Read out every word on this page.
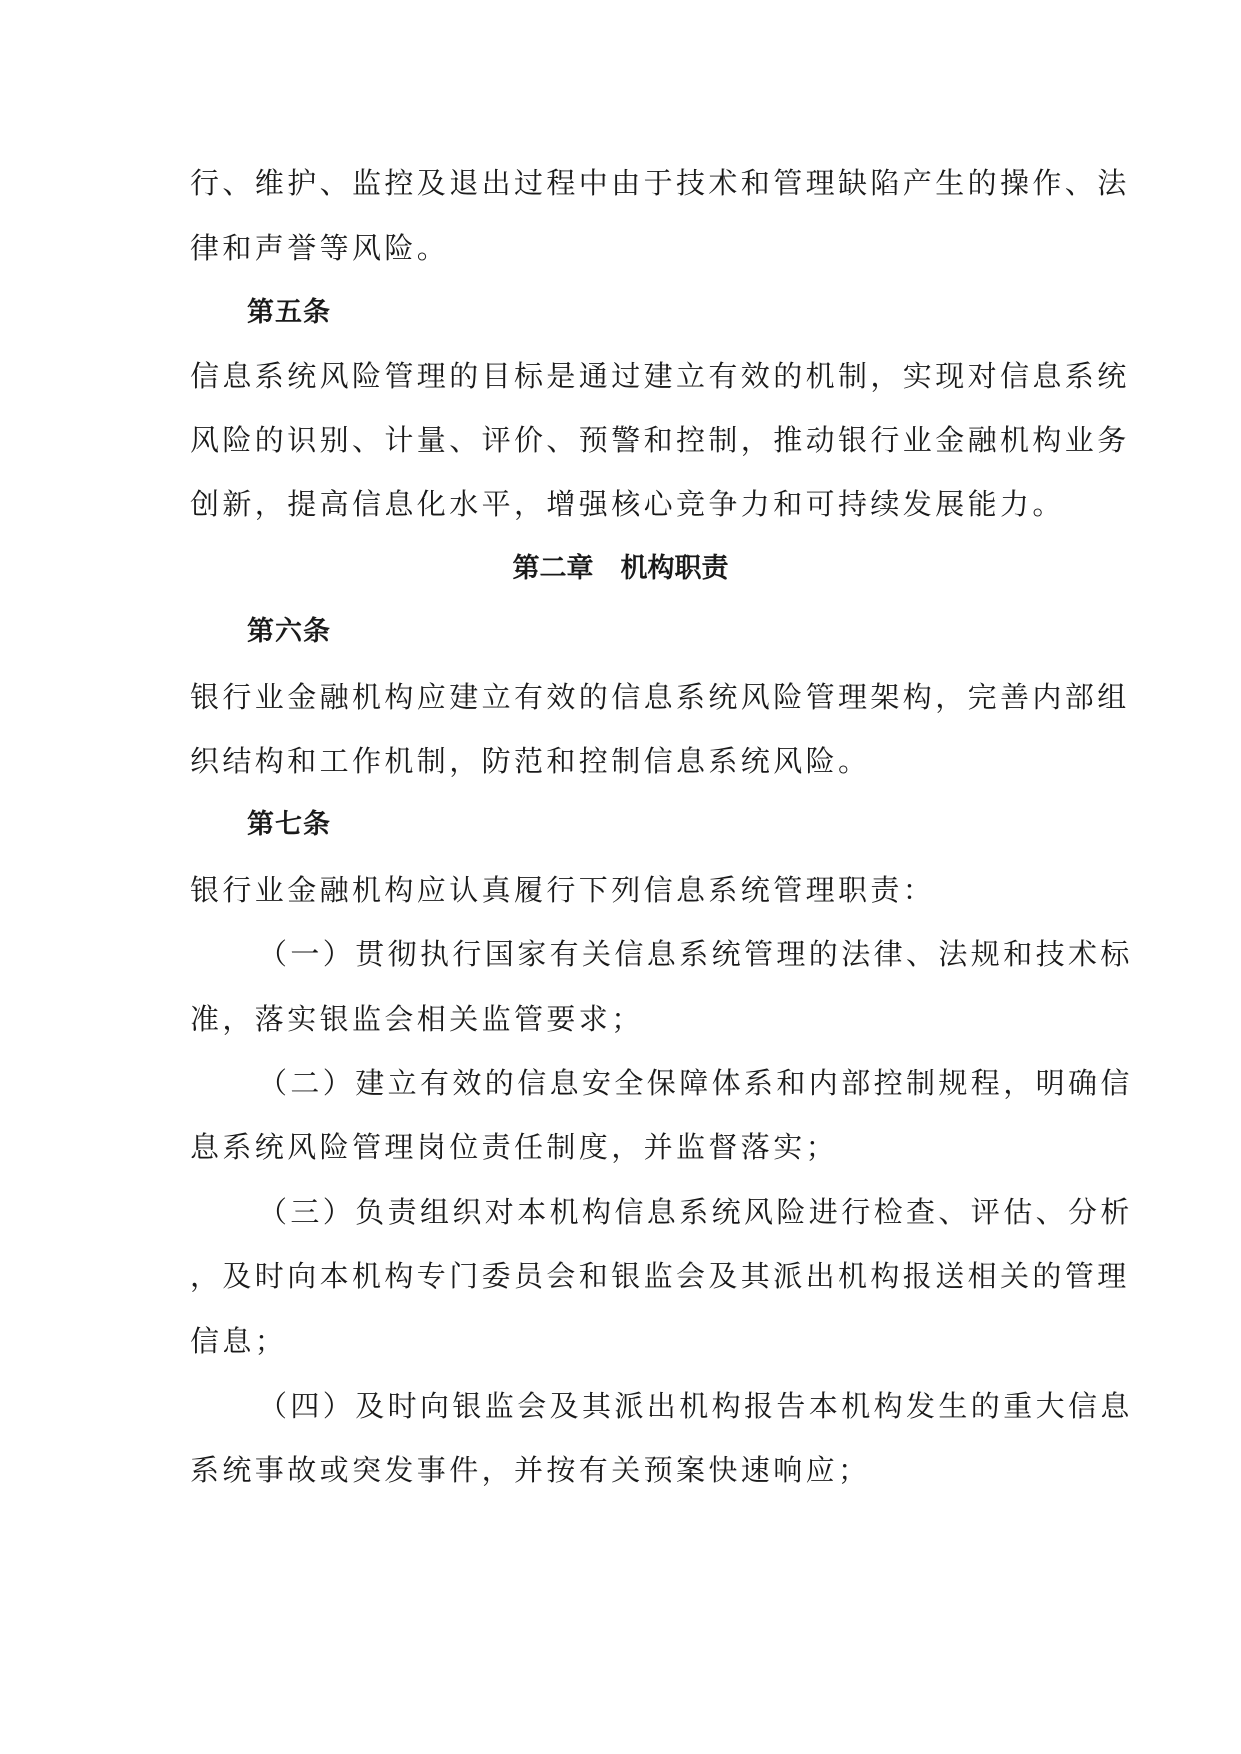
行、维护、监控及退出过程中由于技术和管理缺陷产生的操作、法
律和声誉等风险。
第五条
信息系统风险管理的目标是通过建立有效的机制，实现对信息系统
风险的识别、计量、评价、预警和控制，推动银行业金融机构业务
创新，提高信息化水平，增强核心竞争力和可持续发展能力。
第二章　机构职责
第六条
银行业金融机构应建立有效的信息系统风险管理架构，完善内部组
织结构和工作机制，防范和控制信息系统风险。
第七条
银行业金融机构应认真履行下列信息系统管理职责：
（一）贯彻执行国家有关信息系统管理的法律、法规和技术标
准，落实银监会相关监管要求；
（二）建立有效的信息安全保障体系和内部控制规程，明确信
息系统风险管理岗位责任制度，并监督落实；
（三）负责组织对本机构信息系统风险进行检查、评估、分析
，及时向本机构专门委员会和银监会及其派出机构报送相关的管理
信息；
（四）及时向银监会及其派出机构报告本机构发生的重大信息
系统事故或突发事件，并按有关预案快速响应；
